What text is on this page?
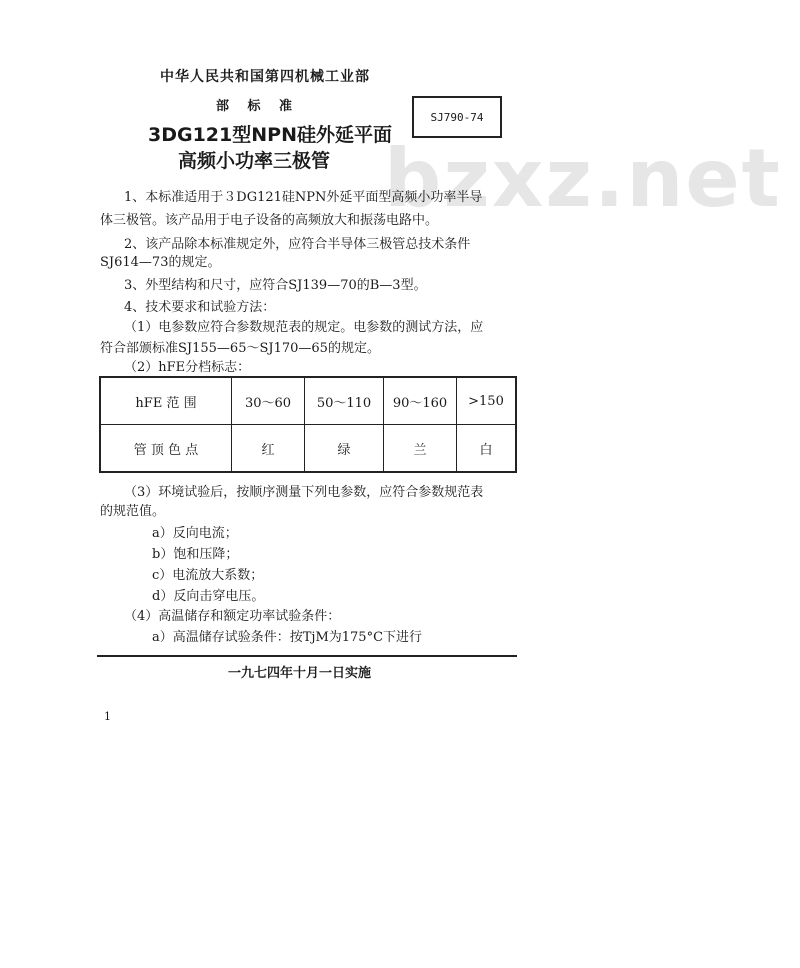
bzxz.net
中华人民共和国第四机械工业部
部 标 准
SJ790-74
3DG121型NPN硅外延平面
高频小功率三极管
1、本标准适用于３DG121硅NPN外延平面型高频小功率半导
体三极管。该产品用于电子设备的高频放大和振荡电路中。
2、该产品除本标准规定外，应符合半导体三极管总技术条件
SJ614—73的规定。
3、外型结构和尺寸，应符合SJ139—70的B—3型。
4、技术要求和试验方法：
（1）电参数应符合参数规范表的规定。电参数的测试方法，应
符合部颁标准SJ155—65～SJ170—65的规定。
（2）hFE分档标志：
hFE 范 围	30～60	50～110	90～160	>150
管 顶 色 点	红	绿	兰	白
（3）环境试验后，按顺序测量下列电参数，应符合参数规范表
的规范值。
a）反向电流；
b）饱和压降；
c）电流放大系数；
d）反向击穿电压。
（4）高温储存和额定功率试验条件：
a）高温储存试验条件：按TjM为175°C下进行
一九七四年十月一日实施
1
